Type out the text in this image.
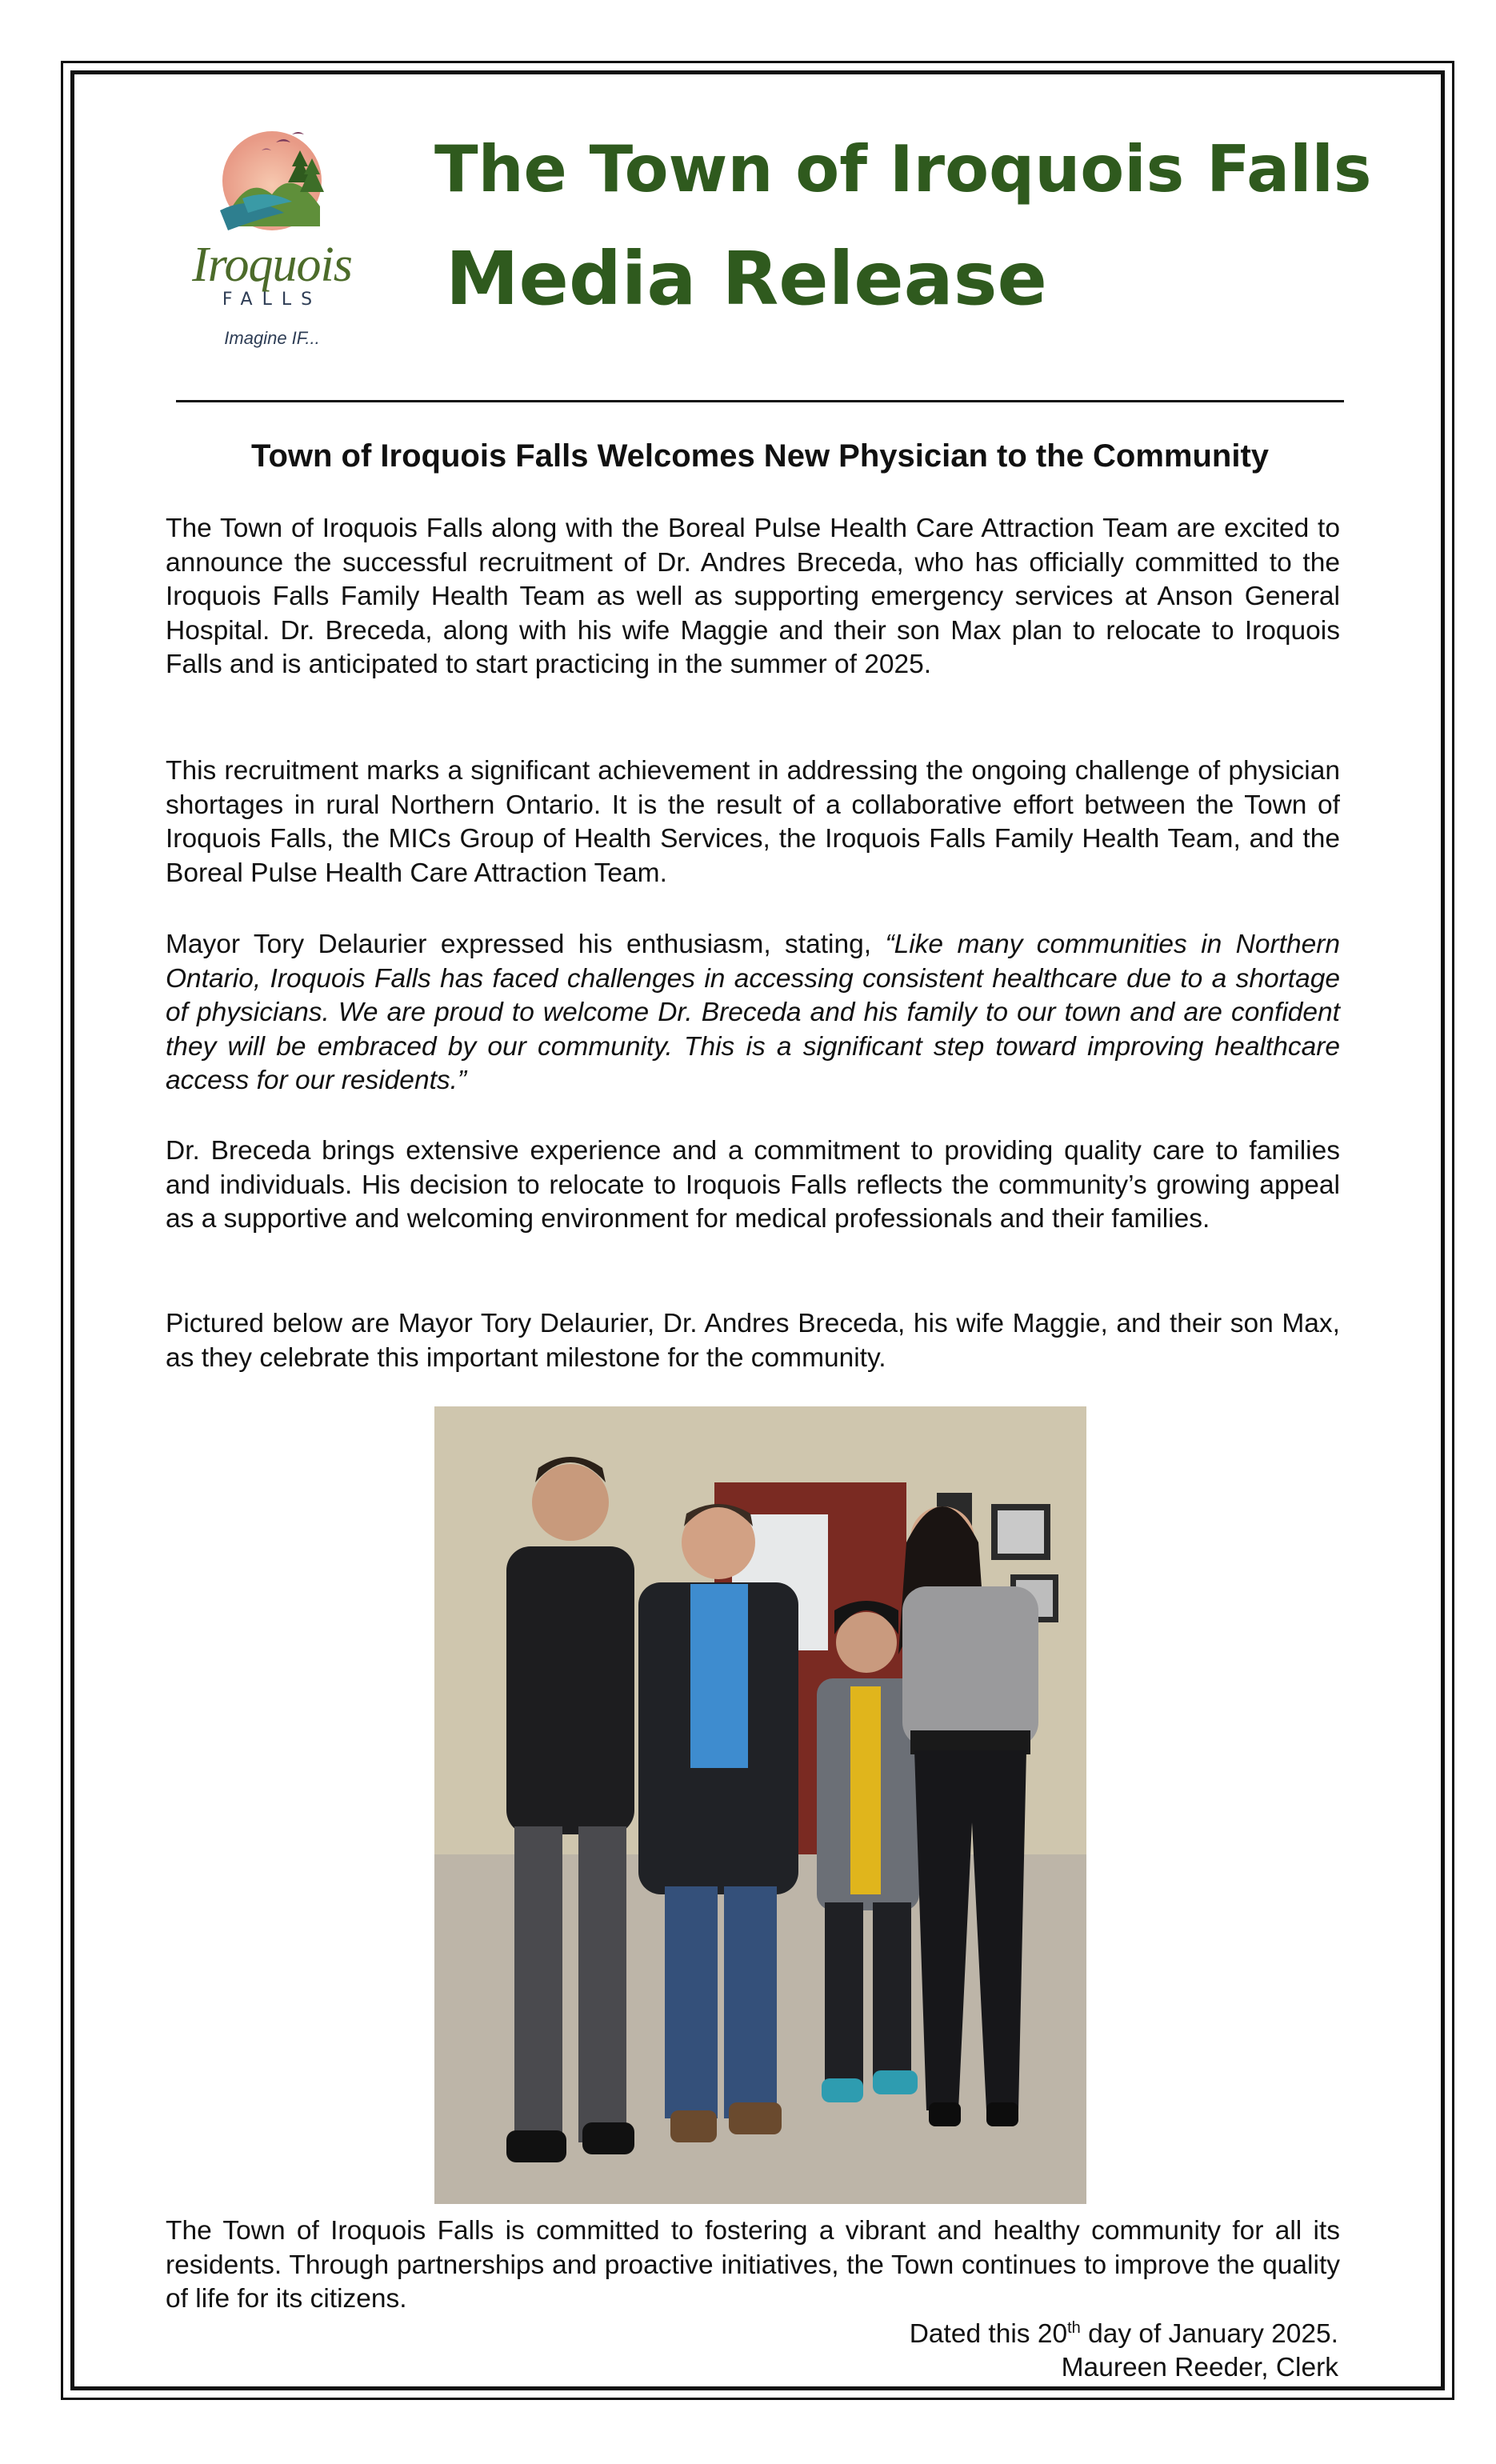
Iroquois
FALLS
Imagine IF...
The Town of Iroquois Falls
Media Release
Town of Iroquois Falls Welcomes New Physician to the Community

The Town of Iroquois Falls along with the Boreal Pulse Health Care Attraction Team are excited to announce the successful recruitment of Dr. Andres Breceda, who has officially committed to the Iroquois Falls Family Health Team as well as supporting emergency services at Anson General Hospital. Dr. Breceda, along with his wife Maggie and their son Max plan to relocate to Iroquois Falls and is anticipated to start practicing in the summer of 2025.

This recruitment marks a significant achievement in addressing the ongoing challenge of physician shortages in rural Northern Ontario. It is the result of a collaborative effort between the Town of Iroquois Falls, the MICs Group of Health Services, the Iroquois Falls Family Health Team, and the Boreal Pulse Health Care Attraction Team.

Mayor Tory Delaurier expressed his enthusiasm, stating, “Like many communities in Northern Ontario, Iroquois Falls has faced challenges in accessing consistent healthcare due to a shortage of physicians. We are proud to welcome Dr. Breceda and his family to our town and are confident they will be embraced by our community. This is a significant step toward improving healthcare access for our residents.”

Dr. Breceda brings extensive experience and a commitment to providing quality care to families and individuals. His decision to relocate to Iroquois Falls reflects the community’s growing appeal as a supportive and welcoming environment for medical professionals and their families.

Pictured below are Mayor Tory Delaurier, Dr. Andres Breceda, his wife Maggie, and their son Max, as they celebrate this important milestone for the community.

The Town of Iroquois Falls is committed to fostering a vibrant and healthy community for all its residents. Through partnerships and proactive initiatives, the Town continues to improve the quality of life for its citizens.

Dated this 20th day of January 2025.
Maureen Reeder, Clerk
